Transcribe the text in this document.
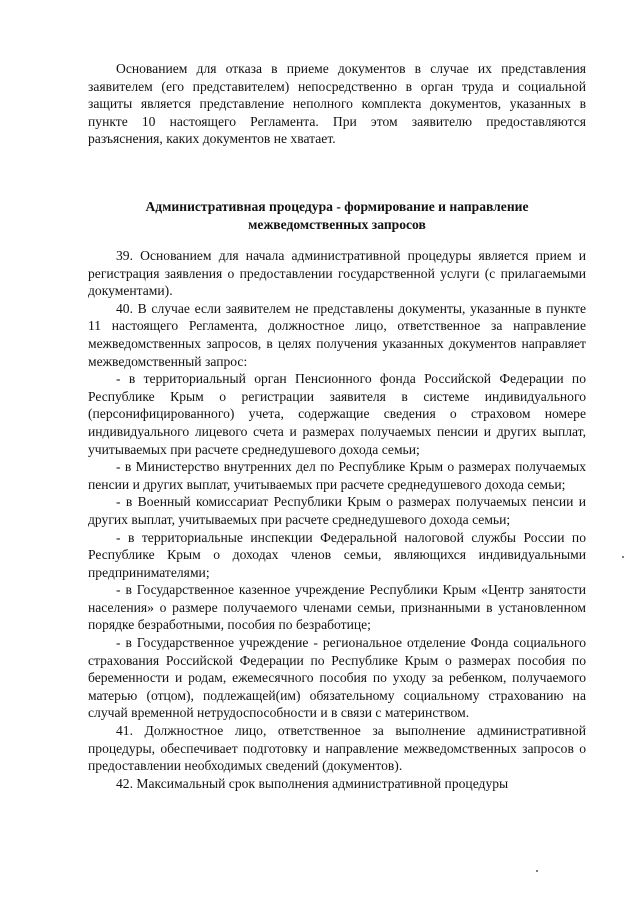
Основанием для отказа в приеме документов в случае их представления заявителем (его представителем) непосредственно в орган труда и социальной защиты является представление неполного комплекта документов, указанных в пункте 10 настоящего Регламента. При этом заявителю предоставляются разъяснения, каких документов не хватает.

Административная процедура - формирование и направление
межведомственных запросов

39. Основанием для начала административной процедуры является прием и регистрация заявления о предоставлении государственной услуги (с прилагаемыми документами).

40. В случае если заявителем не представлены документы, указанные в пункте 11 настоящего Регламента, должностное лицо, ответственное за направление межведомственных запросов, в целях получения указанных документов направляет межведомственный запрос:

- в территориальный орган Пенсионного фонда Российской Федерации по Республике Крым о регистрации заявителя в системе индивидуального (персонифицированного) учета, содержащие сведения о страховом номере индивидуального лицевого счета и размерах получаемых пенсии и других выплат, учитываемых при расчете среднедушевого дохода семьи;

- в Министерство внутренних дел по Республике Крым о размерах получаемых пенсии и других выплат, учитываемых при расчете среднедушевого дохода семьи;

- в Военный комиссариат Республики Крым о размерах получаемых пенсии и других выплат, учитываемых при расчете среднедушевого дохода семьи;

- в территориальные инспекции Федеральной налоговой службы России по Республике Крым о доходах членов семьи, являющихся индивидуальными предпринимателями;

- в Государственное казенное учреждение Республики Крым «Центр занятости населения» о размере получаемого членами семьи, признанными в установленном порядке безработными, пособия по безработице;

- в Государственное учреждение - региональное отделение Фонда социального страхования Российской Федерации по Республике Крым о размерах пособия по беременности и родам, ежемесячного пособия по уходу за ребенком, получаемого матерью (отцом), подлежащей(им) обязательному социальному страхованию на случай временной нетрудоспособности и в связи с материнством.

41. Должностное лицо, ответственное за выполнение административной процедуры, обеспечивает подготовку и направление межведомственных запросов о предоставлении необходимых сведений (документов).

42. Максимальный срок выполнения административной процедуры
